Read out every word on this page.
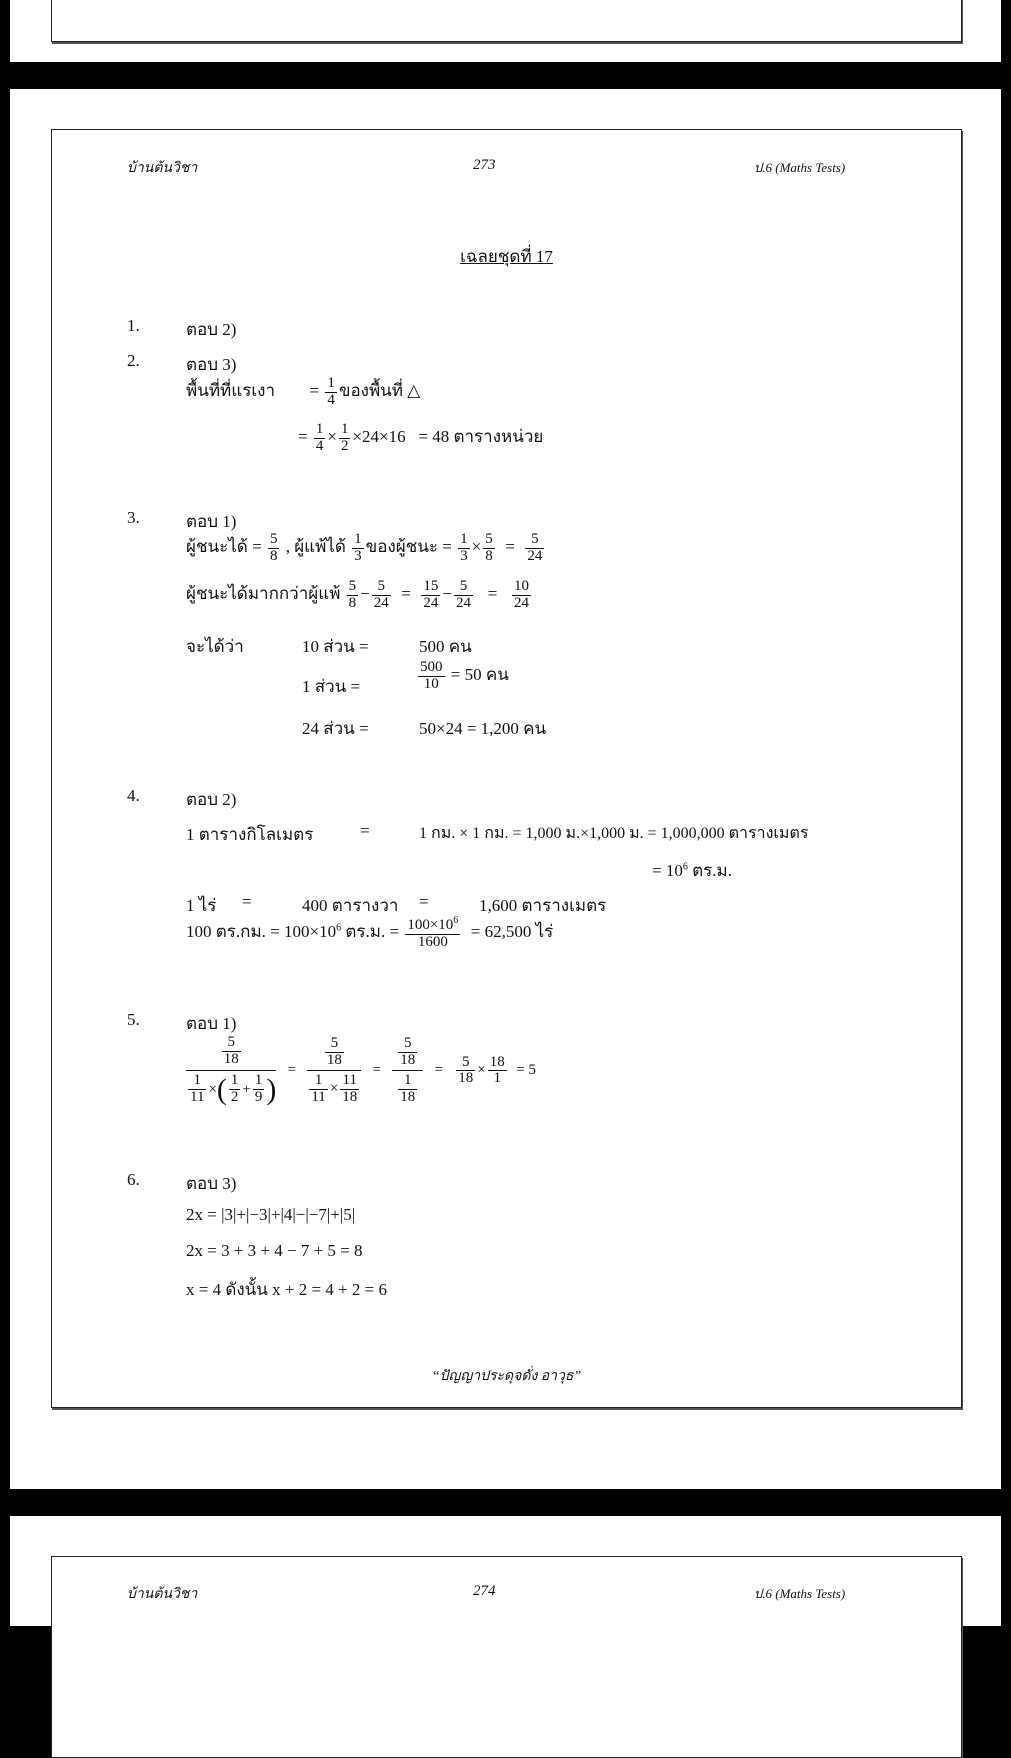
บ้านต้นวิชา	273	ป.6 (Maths Tests)
เฉลยชุดที่ 17
1.	ตอบ 2)
2.	ตอบ 3)
พื้นที่ที่แรเงา = $\frac{1}{4}$ ของพื้นที่ △
= $\frac{1}{4} \times \frac{1}{2} \times 24\times 16 = 48$ ตารางหน่วย
3.	ตอบ 1)
ผู้ชนะได้ = $\frac{5}{8}$ , ผู้แพ้ได้ $\frac{1}{3}$ ของผู้ชนะ = $\frac{1}{3} \times \frac{5}{8} = \frac{5}{24}$
ผู้ชนะได้มากกว่าผู้แพ้ $\frac{5}{8} - \frac{5}{24} = \frac{15}{24} - \frac{5}{24} = \frac{10}{24}$
จะได้ว่า	10 ส่วน =	500 คน
1 ส่วน =	$\frac{500}{10} = 50$ คน
24 ส่วน =	50×24 = 1,200 คน
4.	ตอบ 2)
1 ตารางกิโลเมตร	=	1 กม. × 1 กม. = 1,000 ม.×1,000 ม. = 1,000,000 ตารางเมตร
= $10^6$ ตร.ม.
1 ไร่ =	400 ตารางวา =	1,600 ตารางเมตร
100 ตร.กม. = $100\times 10^6$ ตร.ม. = $\frac{100\times 10^6}{1600} = 62,500$ ไร่
5.	ตอบ 1)
$\frac{\frac{5}{18}}{\frac{1}{11} \times( \frac{1}{2} + \frac{1}{9} )} = \frac{\frac{5}{18}}{\frac{1}{11} \times \frac{11}{18}} = \frac{\frac{5}{18}}{\frac{1}{18}} = \frac{5}{18} \times \frac{18}{1} = 5$
6.	ตอบ 3)
2x = |3|+|−3|+|4|−|−7|+|5|
2x = 3 + 3 + 4 − 7 + 5 = 8
x = 4 ดังนั้น x + 2 = 4 + 2 = 6
“ปัญญาประดุจดั่ง อาวุธ”
บ้านต้นวิชา	274	ป.6 (Maths Tests)
